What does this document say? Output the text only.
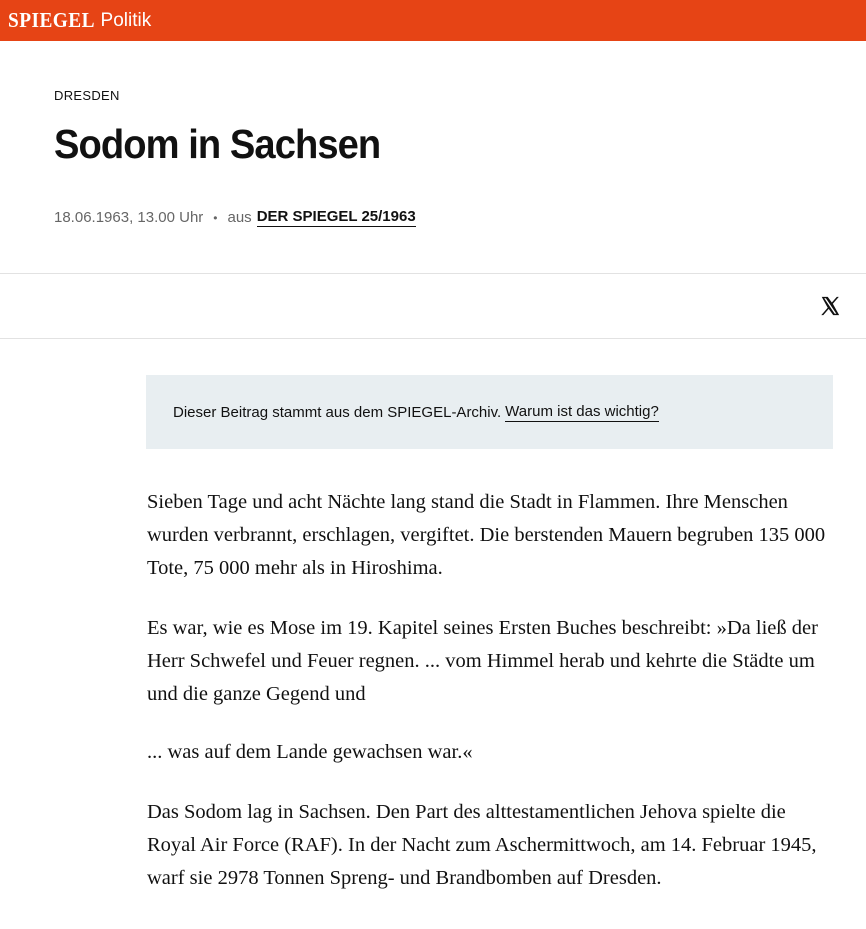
SPIEGEL Politik
DRESDEN
Sodom in Sachsen
18.06.1963, 13.00 Uhr • aus DER SPIEGEL 25/1963
Dieser Beitrag stammt aus dem SPIEGEL-Archiv. Warum ist das wichtig?

Sieben Tage und acht Nächte lang stand die Stadt in Flammen. Ihre Menschen wurden verbrannt, erschlagen, vergiftet. Die berstenden Mauern begruben 135 000 Tote, 75 000 mehr als in Hiroshima.

Es war, wie es Mose im 19. Kapitel seines Ersten Buches beschreibt: »Da ließ der Herr Schwefel und Feuer regnen. ... vom Himmel herab und kehrte die Städte um und die ganze Gegend und

... was auf dem Lande gewachsen war.«

Das Sodom lag in Sachsen. Den Part des alttestamentlichen Jehova spielte die Royal Air Force (RAF). In der Nacht zum Aschermittwoch, am 14. Februar 1945, warf sie 2978 Tonnen Spreng- und Brandbomben auf Dresden.
